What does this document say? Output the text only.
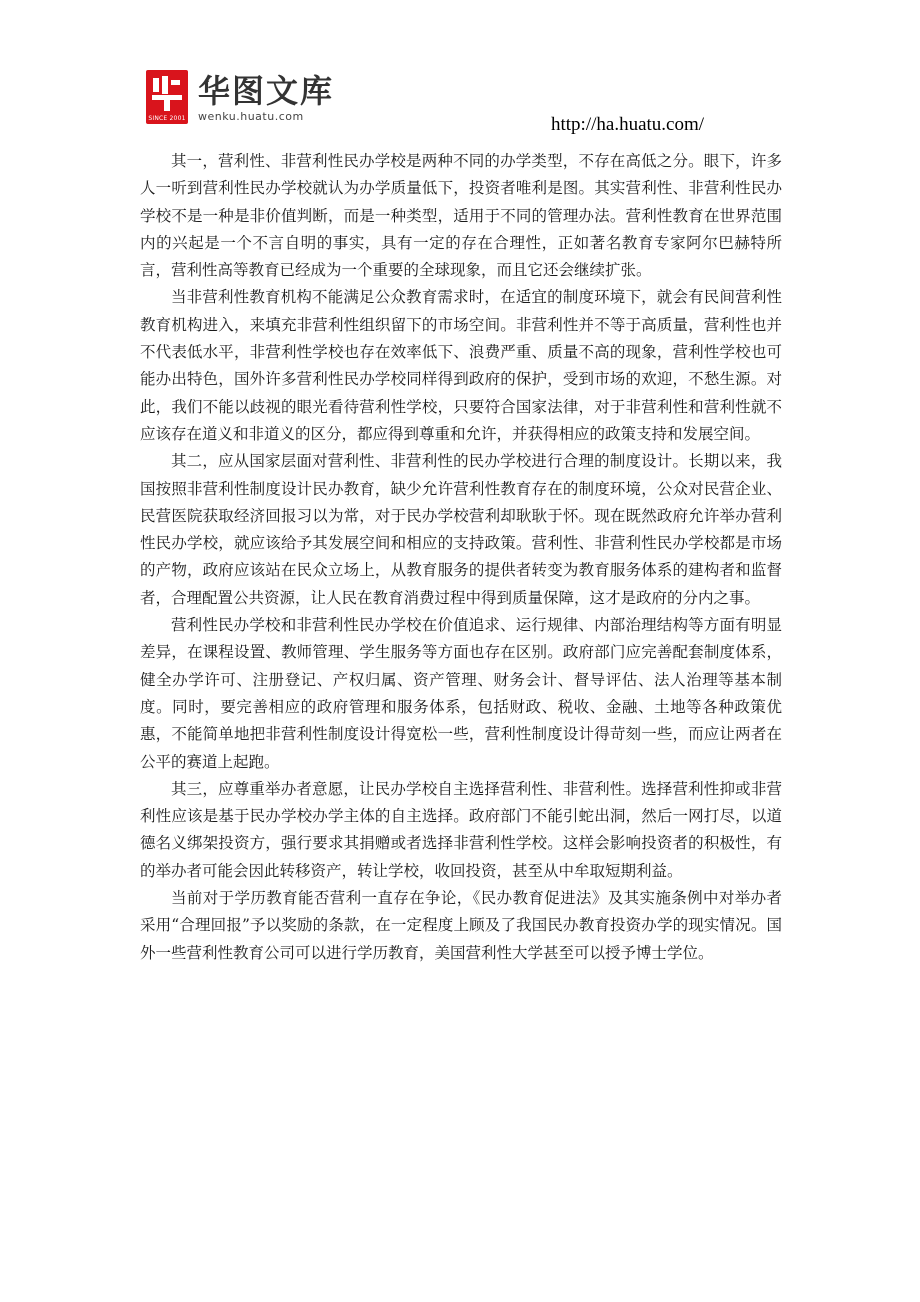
SINCE 2001
华图文库
wenku.huatu.com	http://ha.huatu.com/

其一，营利性、非营利性民办学校是两种不同的办学类型，不存在高低之分。眼下，许多人一听到营利性民办学校就认为办学质量低下，投资者唯利是图。其实营利性、非营利性民办学校不是一种是非价值判断，而是一种类型，适用于不同的管理办法。营利性教育在世界范围内的兴起是一个不言自明的事实，具有一定的存在合理性，正如著名教育专家阿尔巴赫特所言，营利性高等教育已经成为一个重要的全球现象，而且它还会继续扩张。

当非营利性教育机构不能满足公众教育需求时，在适宜的制度环境下，就会有民间营利性教育机构进入，来填充非营利性组织留下的市场空间。非营利性并不等于高质量，营利性也并不代表低水平，非营利性学校也存在效率低下、浪费严重、质量不高的现象，营利性学校也可能办出特色，国外许多营利性民办学校同样得到政府的保护，受到市场的欢迎，不愁生源。对此，我们不能以歧视的眼光看待营利性学校，只要符合国家法律，对于非营利性和营利性就不应该存在道义和非道义的区分，都应得到尊重和允许，并获得相应的政策支持和发展空间。

其二，应从国家层面对营利性、非营利性的民办学校进行合理的制度设计。长期以来，我国按照非营利性制度设计民办教育，缺少允许营利性教育存在的制度环境，公众对民营企业、民营医院获取经济回报习以为常，对于民办学校营利却耿耿于怀。现在既然政府允许举办营利性民办学校，就应该给予其发展空间和相应的支持政策。营利性、非营利性民办学校都是市场的产物，政府应该站在民众立场上，从教育服务的提供者转变为教育服务体系的建构者和监督者，合理配置公共资源，让人民在教育消费过程中得到质量保障，这才是政府的分内之事。

营利性民办学校和非营利性民办学校在价值追求、运行规律、内部治理结构等方面有明显差异，在课程设置、教师管理、学生服务等方面也存在区别。政府部门应完善配套制度体系，健全办学许可、注册登记、产权归属、资产管理、财务会计、督导评估、法人治理等基本制度。同时，要完善相应的政府管理和服务体系，包括财政、税收、金融、土地等各种政策优惠，不能简单地把非营利性制度设计得宽松一些，营利性制度设计得苛刻一些，而应让两者在公平的赛道上起跑。

其三，应尊重举办者意愿，让民办学校自主选择营利性、非营利性。选择营利性抑或非营利性应该是基于民办学校办学主体的自主选择。政府部门不能引蛇出洞，然后一网打尽，以道德名义绑架投资方，强行要求其捐赠或者选择非营利性学校。这样会影响投资者的积极性，有的举办者可能会因此转移资产，转让学校，收回投资，甚至从中牟取短期利益。

当前对于学历教育能否营利一直存在争论，《民办教育促进法》及其实施条例中对举办者采用“合理回报”予以奖励的条款，在一定程度上顾及了我国民办教育投资办学的现实情况。国外一些营利性教育公司可以进行学历教育，美国营利性大学甚至可以授予博士学位。
